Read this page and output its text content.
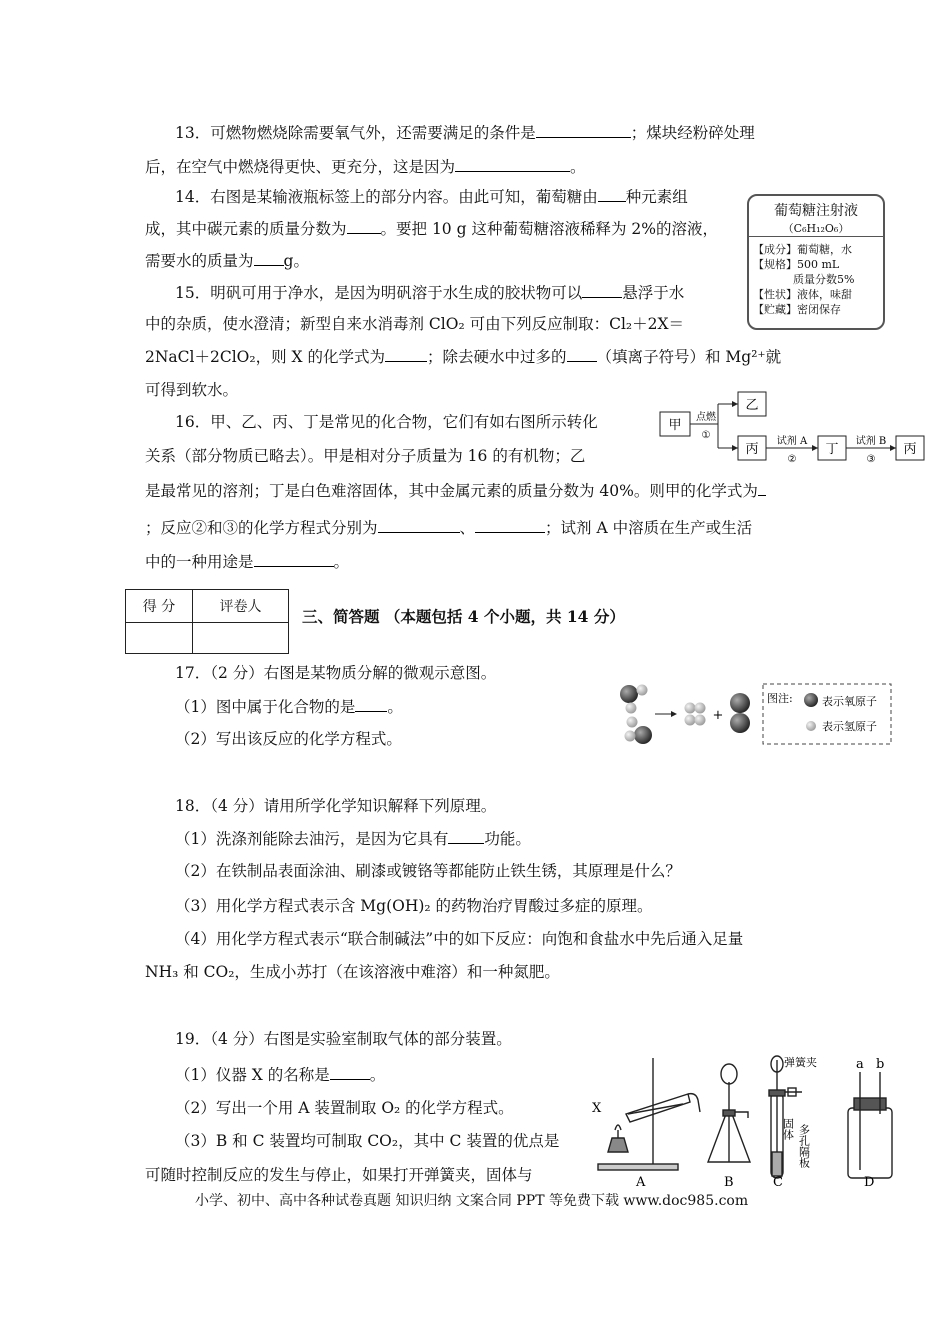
13．可燃物燃烧除需要氧气外，还需要满足的条件是	；煤块经粉碎处理
后，在空气中燃烧得更快、更充分，这是因为	。
14．右图是某输液瓶标签上的部分内容。由此可知，葡萄糖由 种元素组
成，其中碳元素的质量分数为 。要把 10 g 这种葡萄糖溶液稀释为 2%的溶液，
需要水的质量为 g。
葡萄糖注射液
（C₆H₁₂O₆）
【成分】葡萄糖，水
【规格】500 mL
质量分数5%
【性状】液体，味甜
【贮藏】密闭保存
15．明矾可用于净水，是因为明矾溶于水生成的胶状物可以	悬浮于水
中的杂质，使水澄清；新型自来水消毒剂 ClO₂ 可由下列反应制取：Cl₂＋2X＝
2NaCl＋2ClO₂，则 X 的化学式为	；除去硬水中过多的 （填离子符号）和 Mg²⁺就
可得到软水。
16．甲、乙、丙、丁是常见的化合物，它们有如右图所示转化
关系（部分物质已略去）。甲是相对分子质量为 16 的有机物；乙
是最常见的溶剂；丁是白色难溶固体，其中金属元素的质量分数为 40%。则甲的化学式为
；反应②和③的化学方程式分别为	、	；试剂 A 中溶质在生产或生活
中的一种用途是	。
甲
乙
丙	丁	丙
点燃
①
试剂 A
②
试剂 B
③
得 分	评卷人
		三、简答题 （本题包括 4 个小题，共 14 分）
17．（2 分）右图是某物质分解的微观示意图。
（1）图中属于化合物的是 。
（2）写出该反应的化学方程式。
+
图注:	表示氧原子
表示氢原子
18．（4 分）请用所学化学知识解释下列原理。
（1）洗涤剂能除去油污，是因为它具有 功能。
（2）在铁制品表面涂油、刷漆或镀铬等都能防止铁生锈，其原理是什么？
（3）用化学方程式表示含 Mg(OH)₂ 的药物治疗胃酸过多症的原理。
（4）用化学方程式表示“联合制碱法”中的如下反应：向饱和食盐水中先后通入足量
NH₃ 和 CO₂，生成小苏打（在该溶液中难溶）和一种氮肥。
19．（4 分）右图是实验室制取气体的部分装置。
（1）仪器 X 的名称是	。
（2）写出一个用 A 装置制取 O₂ 的化学方程式。
（3）B 和 C 装置均可制取 CO₂，其中 C 装置的优点是
可随时控制反应的发生与停止，如果打开弹簧夹，固体与
X
A	B	C	D
弹簧夹
固体 多孔隔板
a b
小学、初中、高中各种试卷真题 知识归纳 文案合同 PPT 等免费下载 www.doc985.com
